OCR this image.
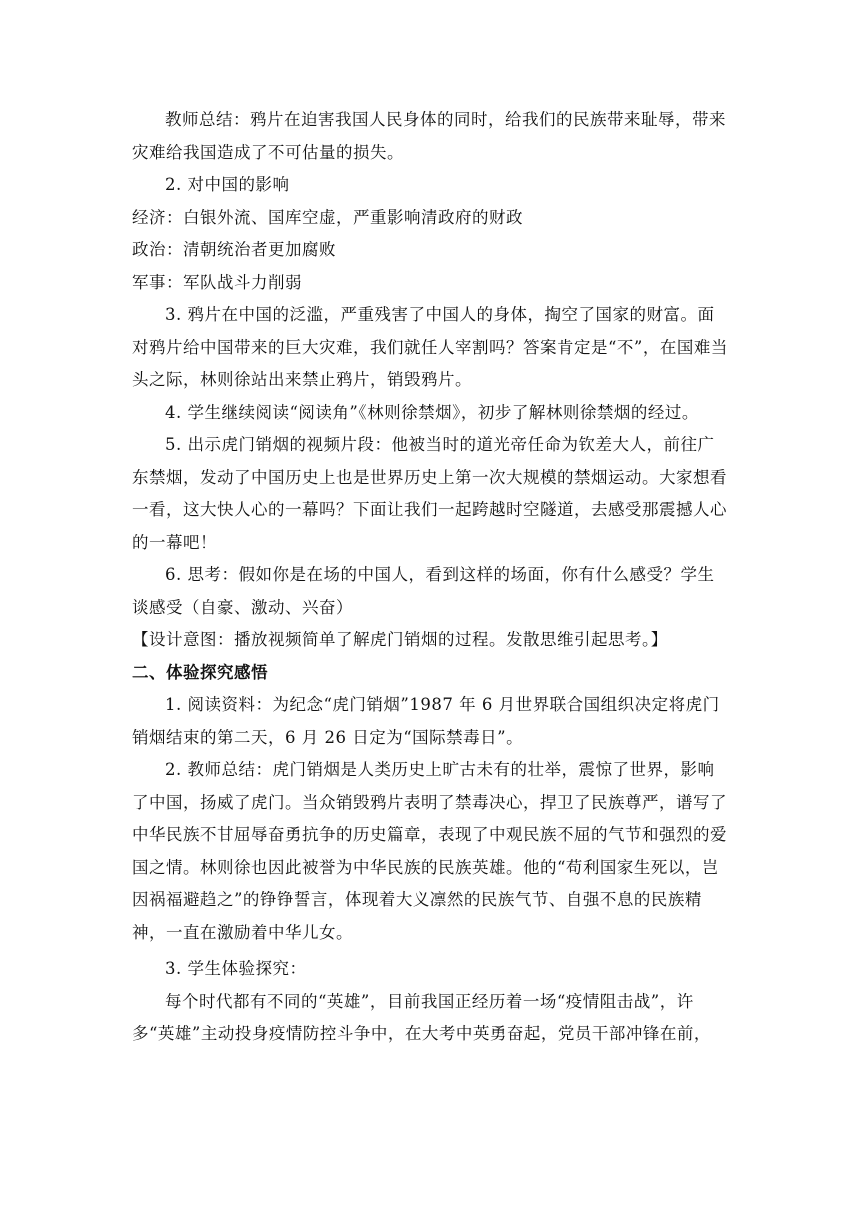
教师总结：鸦片在迫害我国人民身体的同时，给我们的民族带来耻辱，带来灾难给我国造成了不可估量的损失。

2. 对中国的影响

经济：白银外流、国库空虚，严重影响清政府的财政

政治：清朝统治者更加腐败

军事：军队战斗力削弱

3. 鸦片在中国的泛滥，严重残害了中国人的身体，掏空了国家的财富。面对鸦片给中国带来的巨大灾难，我们就任人宰割吗？答案肯定是“不”，在国难当头之际，林则徐站出来禁止鸦片，销毁鸦片。

4. 学生继续阅读“阅读角”《林则徐禁烟》，初步了解林则徐禁烟的经过。

5. 出示虎门销烟的视频片段：他被当时的道光帝任命为钦差大人，前往广东禁烟，发动了中国历史上也是世界历史上第一次大规模的禁烟运动。大家想看一看，这大快人心的一幕吗？下面让我们一起跨越时空隧道，去感受那震撼人心的一幕吧！

6. 思考：假如你是在场的中国人，看到这样的场面，你有什么感受？学生谈感受（自豪、激动、兴奋）

【设计意图：播放视频简单了解虎门销烟的过程。发散思维引起思考。】

二、体验探究感悟

1. 阅读资料：为纪念“虎门销烟”1987 年 6 月世界联合国组织决定将虎门销烟结束的第二天，6 月 26 日定为“国际禁毒日”。

2. 教师总结：虎门销烟是人类历史上旷古未有的壮举，震惊了世界，影响了中国，扬威了虎门。当众销毁鸦片表明了禁毒决心，捍卫了民族尊严，谱写了中华民族不甘屈辱奋勇抗争的历史篇章，表现了中观民族不屈的气节和强烈的爱国之情。林则徐也因此被誉为中华民族的民族英雄。他的“苟利国家生死以，岂因祸福避趋之”的铮铮誓言，体现着大义凛然的民族气节、自强不息的民族精神，一直在激励着中华儿女。

3. 学生体验探究：

每个时代都有不同的“英雄”，目前我国正经历着一场“疫情阻击战”，许多“英雄”主动投身疫情防控斗争中，在大考中英勇奋起，党员干部冲锋在前，
